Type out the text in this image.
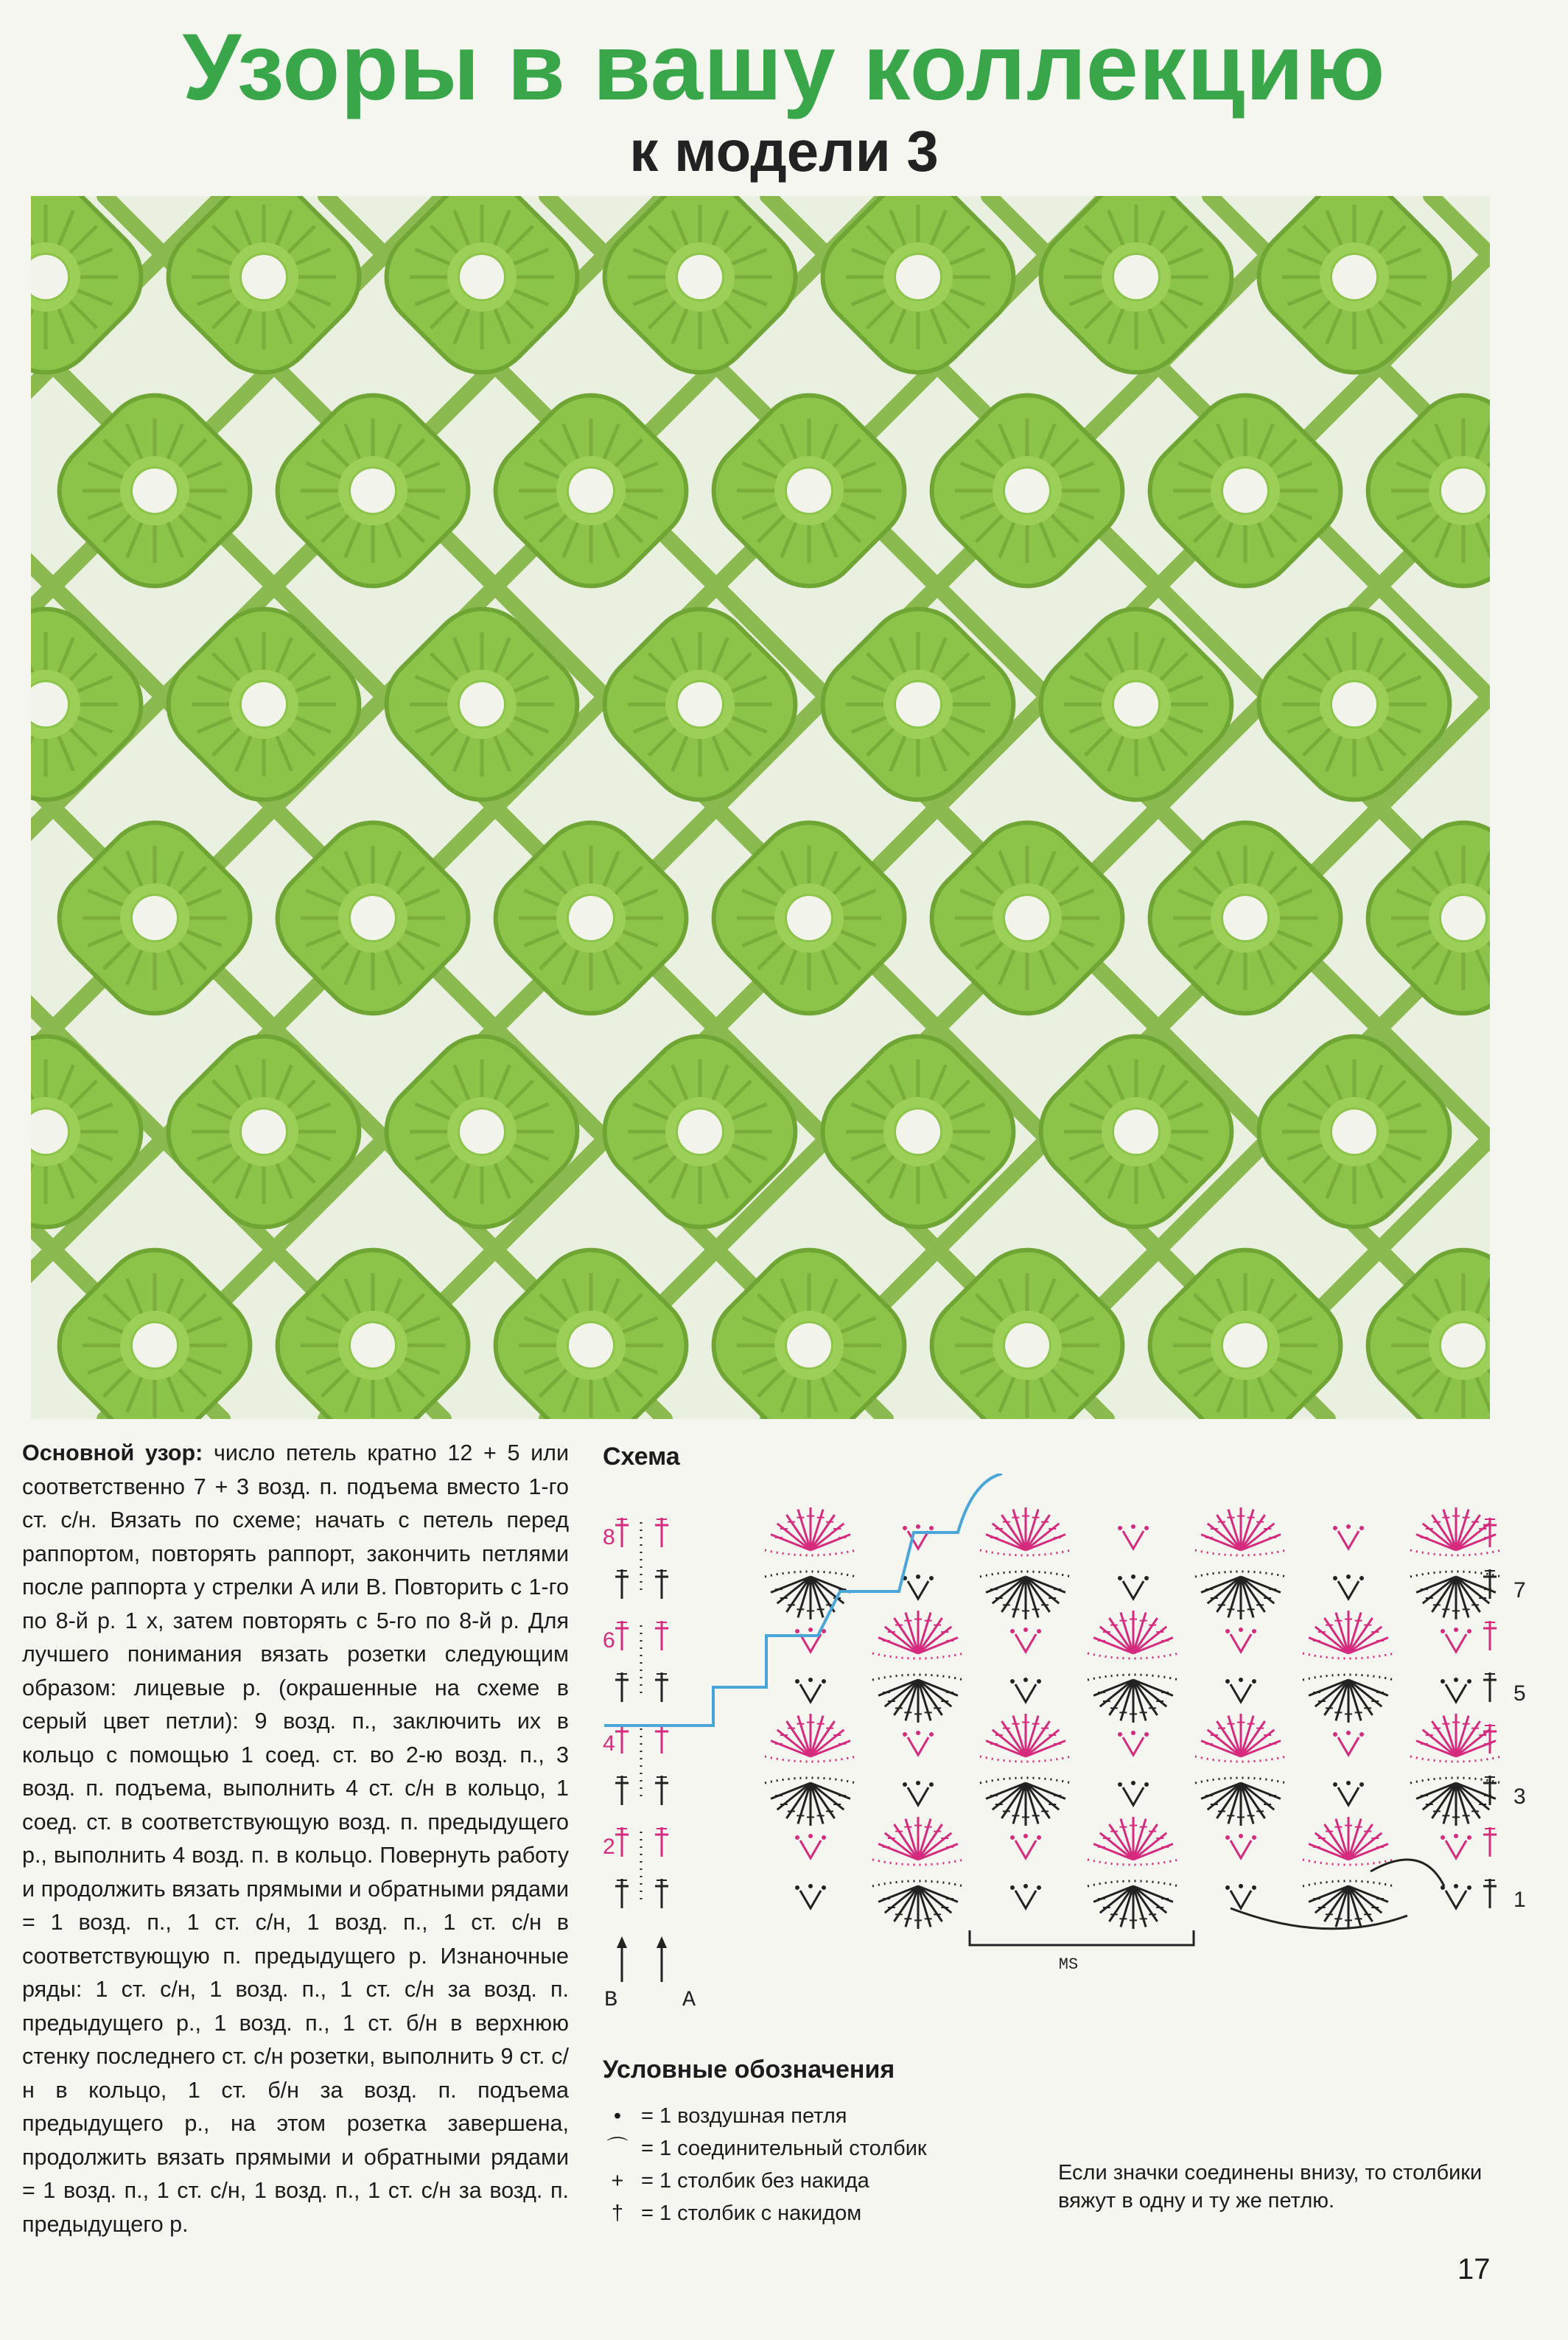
Узоры в вашу коллекцию
к модели 3

Основной узор: число петель кратно 12 + 5 или соответственно 7 + 3 возд. п. подъема вместо 1-го ст. с/н. Вязать по схеме; начать с петель перед раппортом, повторять раппорт, закончить петлями после раппорта у стрелки A или B. Повторить с 1-го по 8-й р. 1 х, затем повторять с 5-го по 8-й р. Для лучшего понимания вязать розетки следующим образом: лицевые р. (окрашенные на схеме в серый цвет петли): 9 возд. п., заключить их в кольцо с помощью 1 соед. ст. во 2-ю возд. п., 3 возд. п. подъема, выполнить 4 ст. с/н в кольцо, 1 соед. ст. в соответствующую возд. п. предыдущего р., выполнить 4 возд. п. в кольцо. Повернуть работу и продолжить вязать прямыми и обратными рядами = 1 возд. п., 1 ст. с/н, 1 возд. п., 1 ст. с/н в соответствующую п. предыдущего р. Изнаночные ряды: 1 ст. с/н, 1 возд. п., 1 ст. с/н за возд. п. предыдущего р., 1 возд. п., 1 ст. б/н в верхнюю стенку последнего ст. с/н розетки, выполнить 9 ст. с/н в кольцо, 1 ст. б/н за возд. п. подъема предыдущего р., на этом розетка завершена, продолжить вязать прямыми и обратными рядами = 1 возд. п., 1 ст. с/н, 1 возд. п., 1 ст. с/н за возд. п. предыдущего р.

Схема
8
6
4
2
7
5
3
1
B	A
MS
Условные обозначения
• = 1 воздушная петля
⌒ = 1 соединительный столбик
+ = 1 столбик без накида
† = 1 столбик с накидом

Если значки соединены внизу, то столбики вяжут в одну и ту же петлю.

17
